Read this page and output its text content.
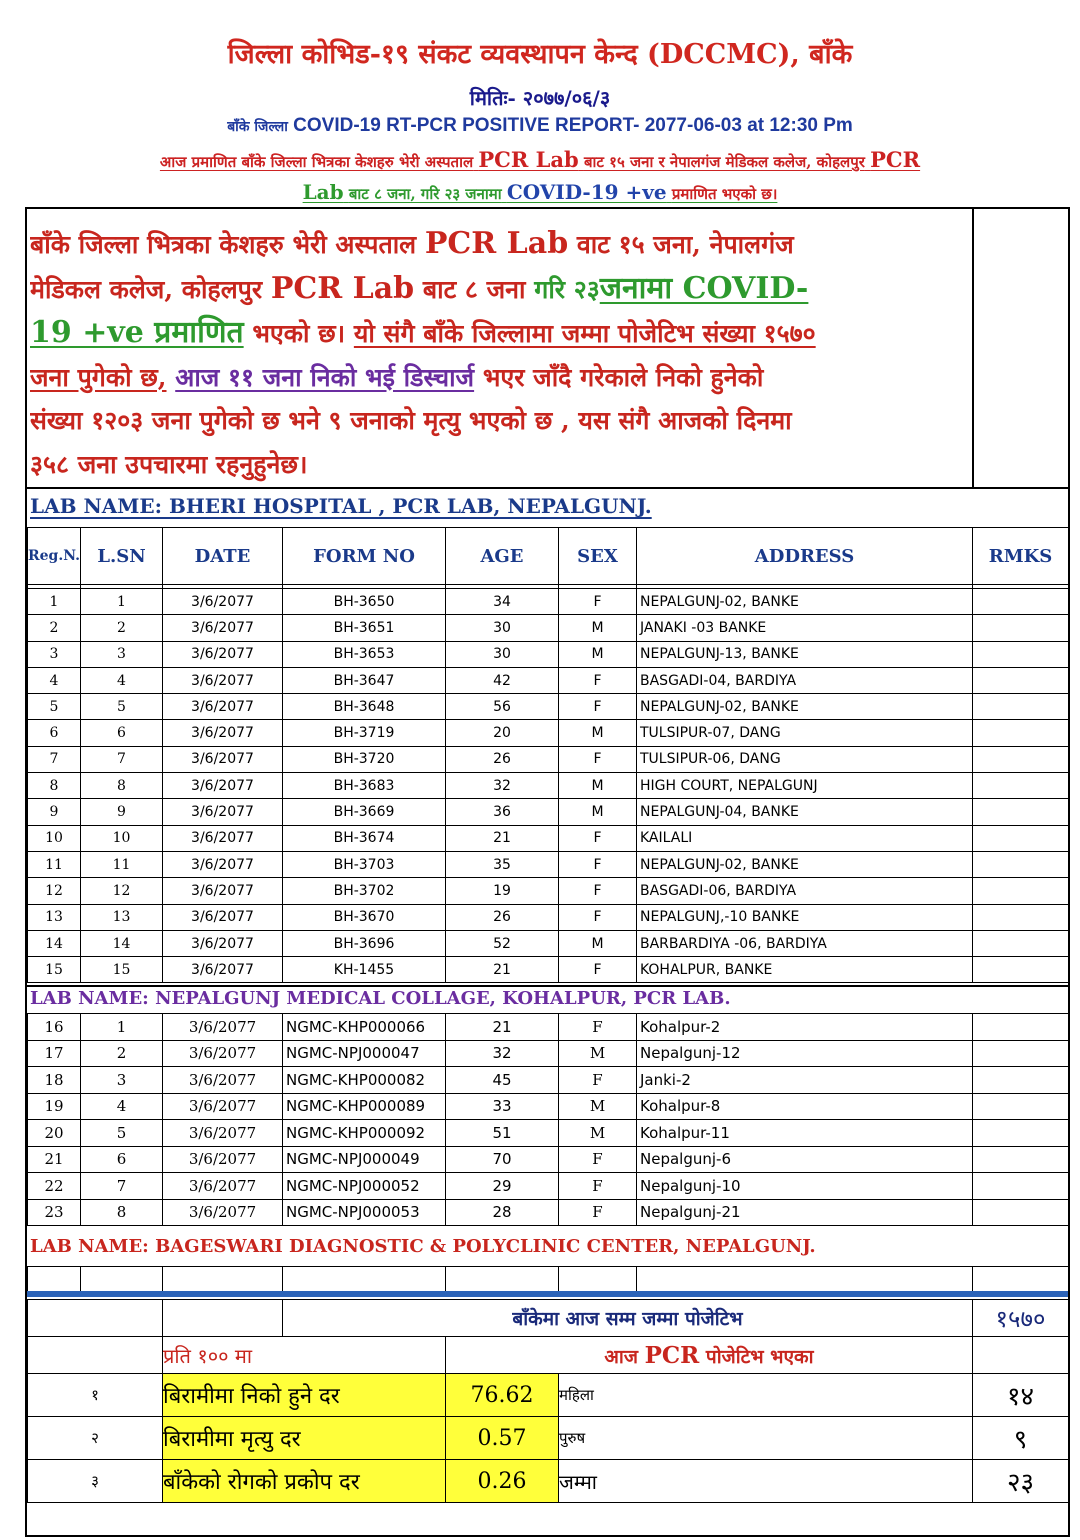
जिल्ला कोभिड-१९ संकट व्यवस्थापन केन्द (DCCMC), बाँके
मितिः- २०७७/०६/३
बाँके जिल्ला COVID-19 RT-PCR POSITIVE REPORT- 2077-06-03 at 12:30 Pm
आज प्रमाणित बाँके जिल्ला भित्रका केशहरु भेरी अस्पताल PCR Lab बाट १५ जना र नेपालगंज मेडिकल कलेज, कोहलपुर PCR
Lab बाट ८ जना, गरि २३ जनामा COVID-19 +ve प्रमाणित भएको छ।
बाँके जिल्ला भित्रका केशहरु भेरी अस्पताल PCR Lab वाट १५ जना, नेपालगंज
मेडिकल कलेज, कोहलपुर PCR Lab बाट ८ जना गरि २३जनामा COVID-
19 +ve प्रमाणित भएको छ। यो संगै बाँके जिल्लामा जम्मा पोजेटिभ संख्या १५७०
जना पुगेको छ, आज ११ जना निको भई डिस्चार्ज भएर जाँदै गरेकाले निको हुनेको
संख्या १२०३ जना पुगेको छ भने ९ जनाको मृत्यु भएको छ , यस संगै आजको दिनमा
३५८ जना उपचारमा रहनुहुनेछ।
LAB NAME: BHERI HOSPITAL , PCR LAB, NEPALGUNJ.
Reg.N.	L.SN	DATE	FORM NO	AGE	SEX	ADDRESS	RMKS

1	1	3/6/2077	BH-3650	34	F	NEPALGUNJ-02, BANKE	
2	2	3/6/2077	BH-3651	30	M	JANAKI -03 BANKE	
3	3	3/6/2077	BH-3653	30	M	NEPALGUNJ-13, BANKE	
4	4	3/6/2077	BH-3647	42	F	BASGADI-04, BARDIYA	
5	5	3/6/2077	BH-3648	56	F	NEPALGUNJ-02, BANKE	
6	6	3/6/2077	BH-3719	20	M	TULSIPUR-07, DANG	
7	7	3/6/2077	BH-3720	26	F	TULSIPUR-06, DANG	
8	8	3/6/2077	BH-3683	32	M	HIGH COURT, NEPALGUNJ	
9	9	3/6/2077	BH-3669	36	M	NEPALGUNJ-04, BANKE	
10	10	3/6/2077	BH-3674	21	F	KAILALI	
11	11	3/6/2077	BH-3703	35	F	NEPALGUNJ-02, BANKE	
12	12	3/6/2077	BH-3702	19	F	BASGADI-06, BARDIYA	
13	13	3/6/2077	BH-3670	26	F	NEPALGUNJ,-10 BANKE	
14	14	3/6/2077	BH-3696	52	M	BARBARDIYA -06, BARDIYA	
15	15	3/6/2077	KH-1455	21	F	KOHALPUR, BANKE	
LAB NAME: NEPALGUNJ MEDICAL COLLAGE, KOHALPUR, PCR LAB.
16	1	3/6/2077	NGMC-KHP000066	21	F	Kohalpur-2	
17	2	3/6/2077	NGMC-NPJ000047	32	M	Nepalgunj-12	
18	3	3/6/2077	NGMC-KHP000082	45	F	Janki-2	
19	4	3/6/2077	NGMC-KHP000089	33	M	Kohalpur-8	
20	5	3/6/2077	NGMC-KHP000092	51	M	Kohalpur-11	
21	6	3/6/2077	NGMC-NPJ000049	70	F	Nepalgunj-6	
22	7	3/6/2077	NGMC-NPJ000052	29	F	Nepalgunj-10	
23	8	3/6/2077	NGMC-NPJ000053	28	F	Nepalgunj-21	
LAB NAME: BAGESWARI DIAGNOSTIC & POLYCLINIC CENTER, NEPALGUNJ.

		बाँकेमा आज सम्म जम्मा पोजेटिभ			१५७०
	प्रति १०० मा		आज PCR पोजेटिभ भएका		
१	बिरामीमा निको हुने दर		76.62	महिला	१४
२	बिरामीमा मृत्यु दर		0.57	पुरुष	९
३	बाँकेको रोगको प्रकोप दर		0.26	जम्मा	२३
